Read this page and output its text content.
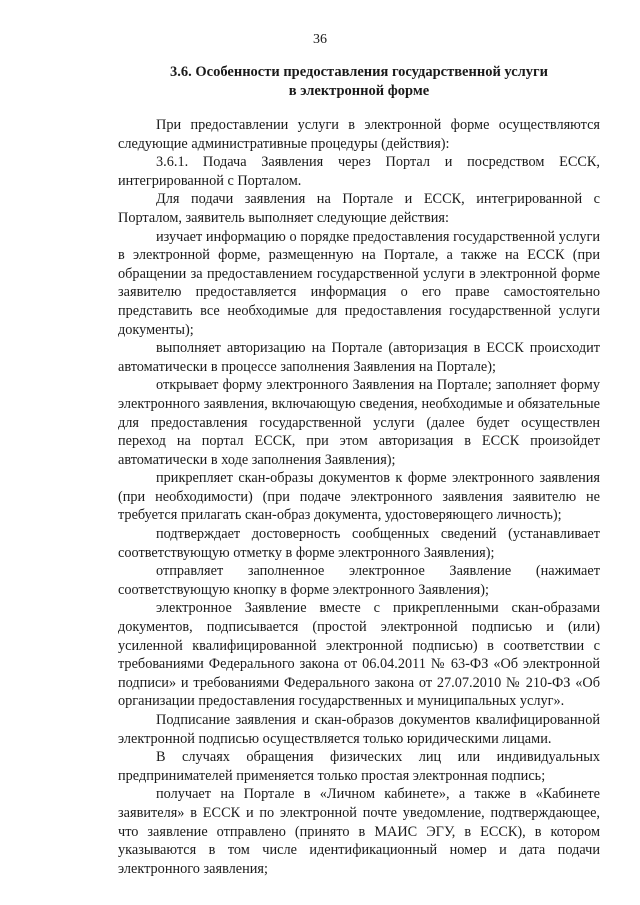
36
3.6. Особенности предоставления государственной услуги
в электронной форме

При предоставлении услуги в электронной форме осуществляются следующие административные процедуры (действия):

3.6.1. Подача Заявления через Портал и посредством ЕССК, интегрированной с Порталом.

Для подачи заявления на Портале и ЕССК, интегрированной с Порталом, заявитель выполняет следующие действия:

изучает информацию о порядке предоставления государственной услуги в электронной форме, размещенную на Портале, а также на ЕССК (при обращении за предоставлением государственной услуги в электронной форме заявителю предоставляется информация о его праве самостоятельно представить все необходимые для предоставления государственной услуги документы);

выполняет авторизацию на Портале (авторизация в ЕССК происходит автоматически в процессе заполнения Заявления на Портале);

открывает форму электронного Заявления на Портале; заполняет форму электронного заявления, включающую сведения, необходимые и обязательные для предоставления государственной услуги (далее будет осуществлен переход на портал ЕССК, при этом авторизация в ЕССК произойдет автоматически в ходе заполнения Заявления);

прикрепляет скан-образы документов к форме электронного заявления (при необходимости) (при подаче электронного заявления заявителю не требуется прилагать скан-образ документа, удостоверяющего личность);

подтверждает достоверность сообщенных сведений (устанавливает соответствующую отметку в форме электронного Заявления);

отправляет заполненное электронное Заявление (нажимает соответствующую кнопку в форме электронного Заявления);

электронное Заявление вместе с прикрепленными скан-образами документов, подписывается (простой электронной подписью и (или) усиленной квалифицированной электронной подписью) в соответствии с требованиями Федерального закона от 06.04.2011 № 63-ФЗ «Об электронной подписи» и требованиями Федерального закона от 27.07.2010 № 210-ФЗ «Об организации предоставления государственных и муниципальных услуг».

Подписание заявления и скан-образов документов квалифицированной электронной подписью осуществляется только юридическими лицами.

В случаях обращения физических лиц или индивидуальных предпринимателей применяется только простая электронная подпись;

получает на Портале в «Личном кабинете», а также в «Кабинете заявителя» в ЕССК и по электронной почте уведомление, подтверждающее, что заявление отправлено (принято в МАИС ЭГУ, в ЕССК), в котором указываются в том числе идентификационный номер и дата подачи электронного заявления;
